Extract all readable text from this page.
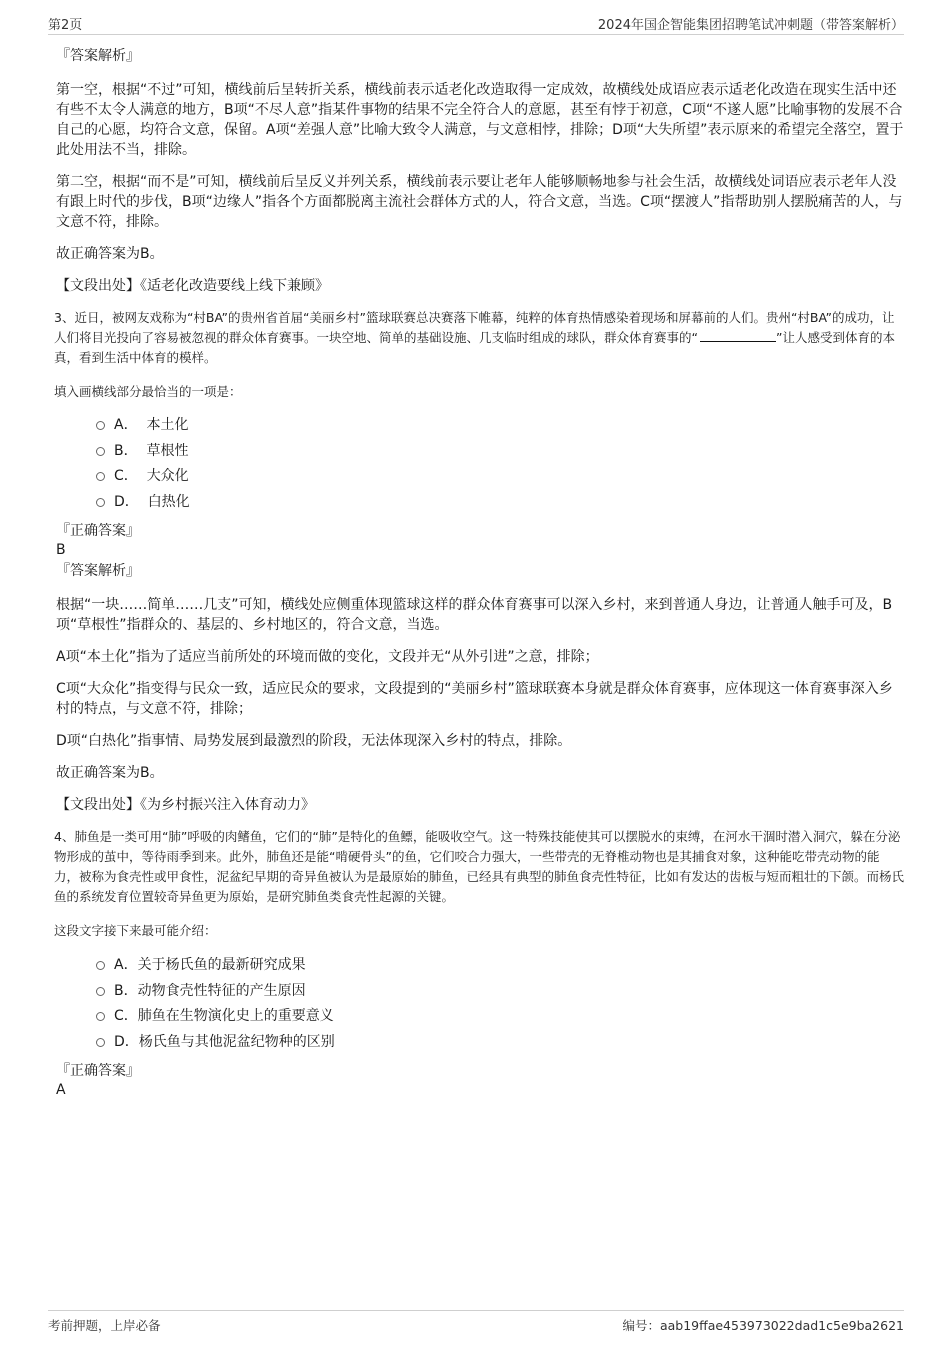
第2页	2024年国企智能集团招聘笔试冲刺题（带答案解析）

『答案解析』

第一空，根据“不过”可知，横线前后呈转折关系，横线前表示适老化改造取得一定成效，故横线处成语应表示适老化改造在现实生活中还有些不太令人满意的地方，B项“不尽人意”指某件事物的结果不完全符合人的意愿，甚至有悖于初意，C项“不遂人愿”比喻事物的发展不合自己的心愿，均符合文意，保留。A项“差强人意”比喻大致令人满意，与文意相悖，排除；D项“大失所望”表示原来的希望完全落空，置于此处用法不当，排除。

第二空，根据“而不是”可知，横线前后呈反义并列关系，横线前表示要让老年人能够顺畅地参与社会生活，故横线处词语应表示老年人没有跟上时代的步伐，B项“边缘人”指各个方面都脱离主流社会群体方式的人，符合文意，当选。C项“摆渡人”指帮助别人摆脱痛苦的人，与文意不符，排除。

故正确答案为B。

【文段出处】《适老化改造要线上线下兼顾》

3、近日，被网友戏称为“村BA”的贵州省首届“美丽乡村”篮球联赛总决赛落下帷幕，纯粹的体育热情感染着现场和屏幕前的人们。贵州“村BA”的成功，让人们将目光投向了容易被忽视的群众体育赛事。一块空地、简单的基础设施、几支临时组成的球队，群众体育赛事的“	”让人感受到体育的本真，看到生活中体育的模样。

填入画横线部分最恰当的一项是：

A． 本土化
B． 草根性
C． 大众化
D． 白热化

『正确答案』

B

『答案解析』

根据“一块……简单……几支”可知，横线处应侧重体现篮球这样的群众体育赛事可以深入乡村，来到普通人身边，让普通人触手可及，B项“草根性”指群众的、基层的、乡村地区的，符合文意，当选。

A项“本土化”指为了适应当前所处的环境而做的变化，文段并无“从外引进”之意，排除；

C项“大众化”指变得与民众一致，适应民众的要求，文段提到的“美丽乡村”篮球联赛本身就是群众体育赛事，应体现这一体育赛事深入乡村的特点，与文意不符，排除；

D项“白热化”指事情、局势发展到最激烈的阶段，无法体现深入乡村的特点，排除。

故正确答案为B。

【文段出处】《为乡村振兴注入体育动力》

4、肺鱼是一类可用“肺”呼吸的肉鳍鱼，它们的“肺”是特化的鱼鳔，能吸收空气。这一特殊技能使其可以摆脱水的束缚，在河水干涸时潜入洞穴，躲在分泌物形成的茧中，等待雨季到来。此外，肺鱼还是能“啃硬骨头”的鱼，它们咬合力强大，一些带壳的无脊椎动物也是其捕食对象，这种能吃带壳动物的能力，被称为食壳性或甲食性，泥盆纪早期的奇异鱼被认为是最原始的肺鱼，已经具有典型的肺鱼食壳性特征，比如有发达的齿板与短而粗壮的下颌。而杨氏鱼的系统发育位置较奇异鱼更为原始，是研究肺鱼类食壳性起源的关键。

这段文字接下来最可能介绍：

A．关于杨氏鱼的最新研究成果
B．动物食壳性特征的产生原因
C．肺鱼在生物演化史上的重要意义
D．杨氏鱼与其他泥盆纪物种的区别

『正确答案』

A

考前押题，上岸必备	编号：aab19ffae453973022dad1c5e9ba2621
